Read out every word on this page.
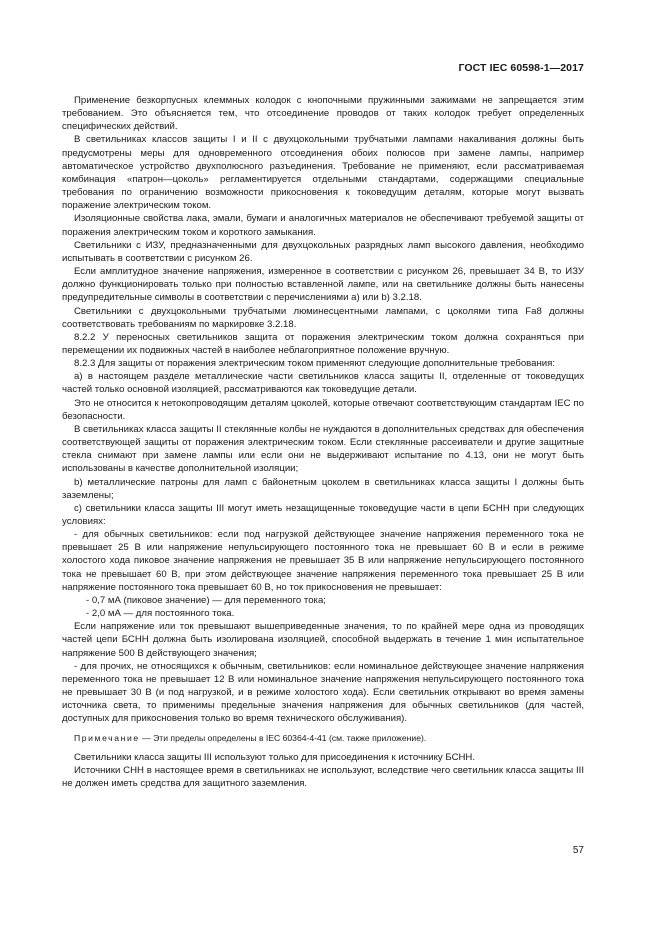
ГОСТ IEC 60598-1—2017

Применение безкорпусных клеммных колодок с кнопочными пружинными зажимами не запрещается этим требованием. Это объясняется тем, что отсоединение проводов от таких колодок требует определенных специфических действий.

В светильниках классов защиты I и II с двухцокольными трубчатыми лампами накаливания должны быть предусмотрены меры для одновременного отсоединения обоих полюсов при замене лампы, например автоматическое устройство двухполюсного разъединения. Требование не применяют, если рассматриваемая комбинация «патрон—цоколь» регламентируется отдельными стандартами, содержащими специальные требования по ограничению возможности прикосновения к токоведущим деталям, которые могут вызвать поражение электрическим током.

Изоляционные свойства лака, эмали, бумаги и аналогичных материалов не обеспечивают требуемой защиты от поражения электрическим током и короткого замыкания.

Светильники с ИЗУ, предназначенными для двухцокольных разрядных ламп высокого давления, необходимо испытывать в соответствии с рисунком 26.

Если амплитудное значение напряжения, измеренное в соответствии с рисунком 26, превышает 34 В, то ИЗУ должно функционировать только при полностью вставленной лампе, или на светильнике должны быть нанесены предупредительные символы в соответствии с перечислениями a) или b) 3.2.18.

Светильники с двухцокольными трубчатыми люминесцентными лампами, с цоколями типа Fa8 должны соответствовать требованиям по маркировке 3.2.18.

8.2.2 У переносных светильников защита от поражения электрическим током должна сохраняться при перемещении их подвижных частей в наиболее неблагоприятное положение вручную.

8.2.3 Для защиты от поражения электрическим током применяют следующие дополнительные требования:

a) в настоящем разделе металлические части светильников класса защиты II, отделенные от токоведущих частей только основной изоляцией, рассматриваются как токоведущие детали.

Это не относится к нетокопроводящим деталям цоколей, которые отвечают соответствующим стандартам IEC по безопасности.

В светильниках класса защиты II стеклянные колбы не нуждаются в дополнительных средствах для обеспечения соответствующей защиты от поражения электрическим током. Если стеклянные рассеиватели и другие защитные стекла снимают при замене лампы или если они не выдерживают испытание по 4.13, они не могут быть использованы в качестве дополнительной изоляции;

b) металлические патроны для ламп с байонетным цоколем в светильниках класса защиты I должны быть заземлены;

c) светильники класса защиты III могут иметь незащищенные токоведущие части в цепи БСНН при следующих условиях:

- для обычных светильников: если под нагрузкой действующее значение напряжения переменного тока не превышает 25 В или напряжение непульсирующего постоянного тока не превышает 60 В и если в режиме холостого хода пиковое значение напряжения не превышает 35 В или напряжение непульсирующего постоянного тока не превышает 60 В, при этом действующее значение напряжения переменного тока превышает 25 В или напряжение постоянного тока превышает 60 В, но ток прикосновения не превышает:

- 0,7 мА (пиковое значение) — для переменного тока;

- 2,0 мА — для постоянного тока.

Если напряжение или ток превышают вышеприведенные значения, то по крайней мере одна из проводящих частей цепи БСНН должна быть изолирована изоляцией, способной выдержать в течение 1 мин испытательное напряжение 500 В действующего значения;

- для прочих, не относящихся к обычным, светильников: если номинальное действующее значение напряжения переменного тока не превышает 12 В или номинальное значение напряжения непульсирующего постоянного тока не превышает 30 В (и под нагрузкой, и в режиме холостого хода). Если светильник открывают во время замены источника света, то применимы предельные значения напряжения для обычных светильников (для частей, доступных для прикосновения только во время технического обслуживания).

Примечание — Эти пределы определены в IEC 60364-4-41 (см. также приложение).

Светильники класса защиты III используют только для присоединения к источнику БСНН.

Источники СНН в настоящее время в светильниках не используют, вследствие чего светильник класса защиты III не должен иметь средства для защитного заземления.

57
